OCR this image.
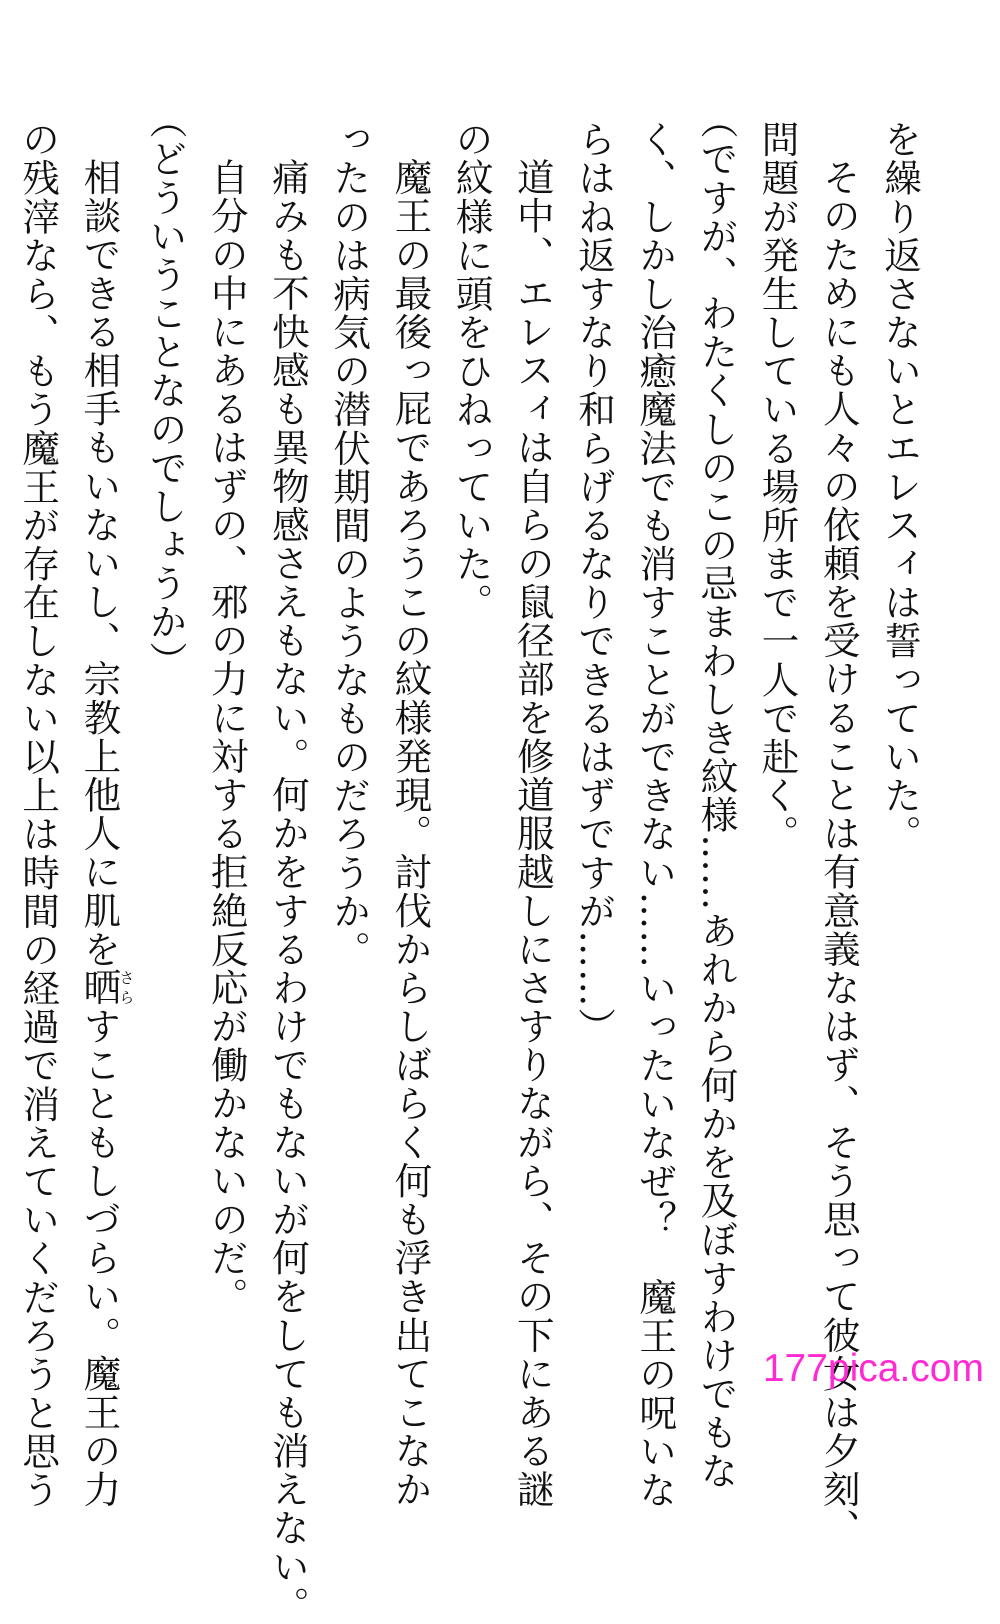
を繰り返さないとエレスィは誓っていた。
そのためにも人々の依頼を受けることは有意義なはず、そう思って彼女は夕刻、
問題が発生している場所まで一人で赴く。
（ですが、わたくしのこの忌まわしき紋様……あれから何かを及ぼすわけでもな
く、しかし治癒魔法でも消すことができない……いったいなぜ？　魔王の呪いな
らはね返すなり和らげるなりできるはずですが……）
道中、エレスィは自らの鼠径部を修道服越しにさすりながら、その下にある謎
の紋様に頭をひねっていた。
魔王の最後っ屁であろうこの紋様発現。討伐からしばらく何も浮き出てこなか
ったのは病気の潜伏期間のようなものだろうか。
痛みも不快感も異物感さえもない。何かをするわけでもないが何をしても消えない。
自分の中にあるはずの、邪の力に対する拒絶反応が働かないのだ。
（どういうことなのでしょうか）
相談できる相手もいないし、宗教上他人に肌を晒さらすこともしづらい。魔王の力
の残滓なら、もう魔王が存在しない以上は時間の経過で消えていくだろうと思う	177pica.com
